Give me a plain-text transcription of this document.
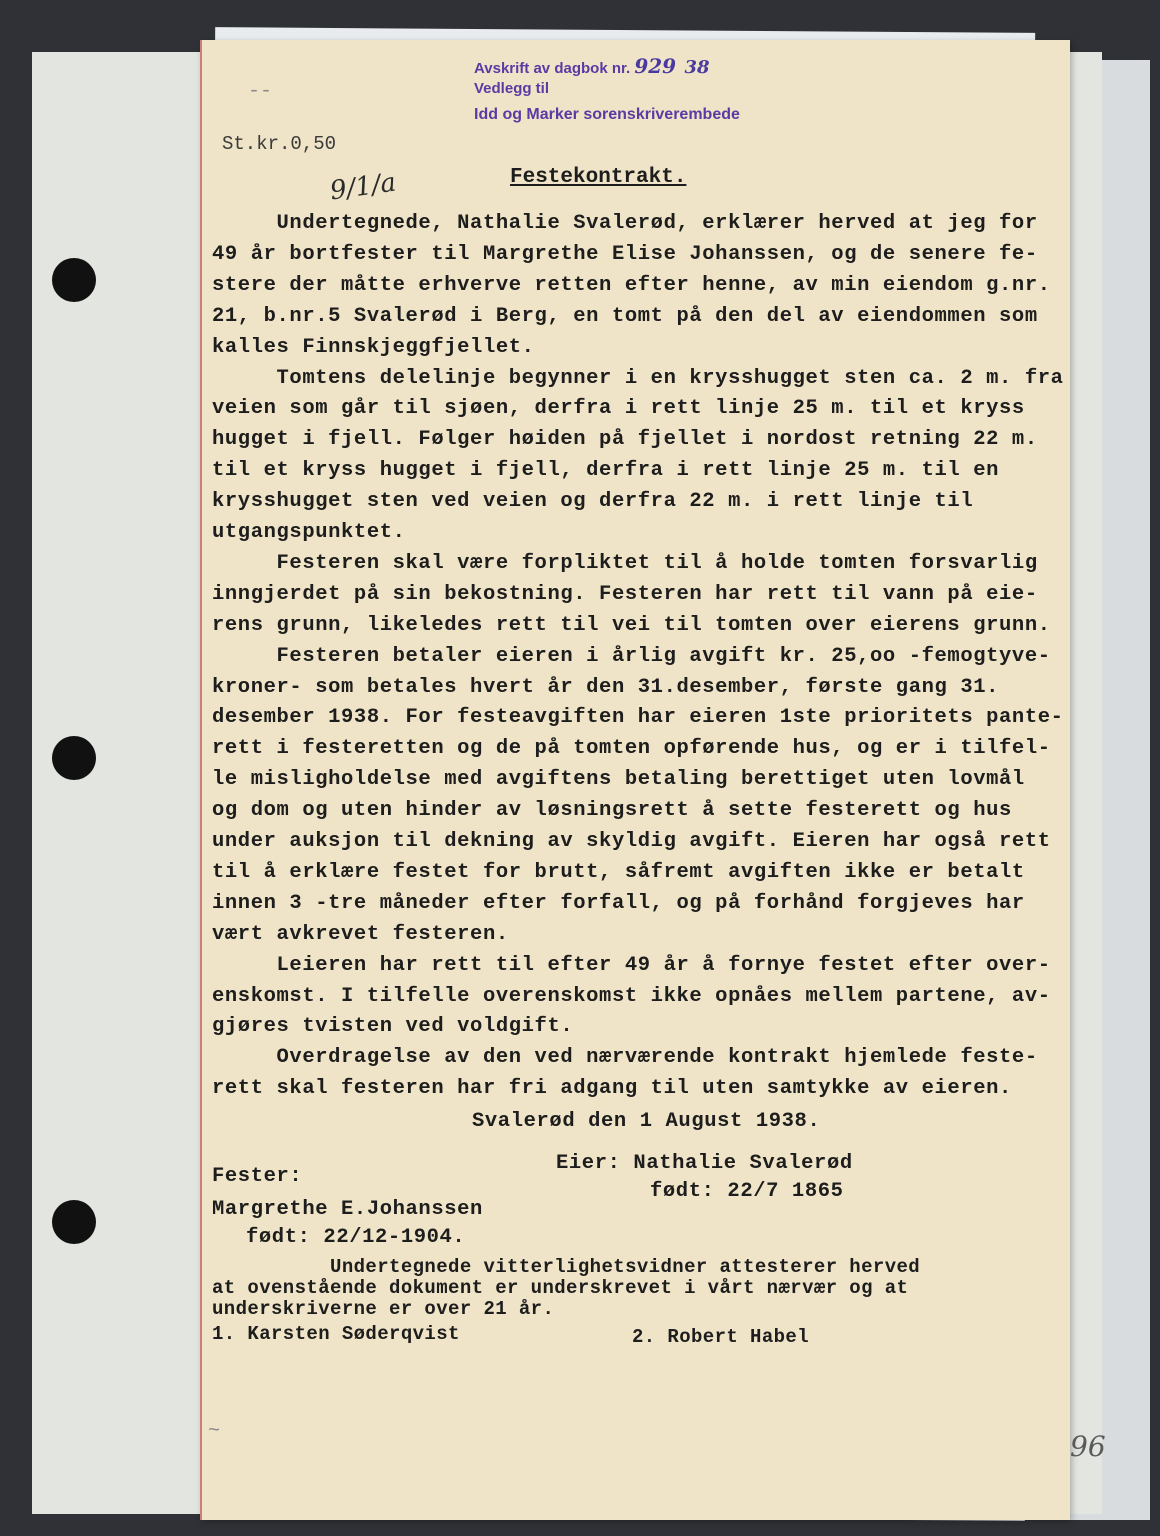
Avskrift av dagbok nr. 929 38
Vedlegg til
Idd og Marker sorenskriverembede
--
St.kr.0,50
9/1/a	Festekontrakt.
Undertegnede, Nathalie Svalerød, erklærer herved at jeg for
49 år bortfester til Margrethe Elise Johanssen, og de senere fe-
stere der måtte erhverve retten efter henne, av min eiendom g.nr.
21, b.nr.5 Svalerød i Berg, en tomt på den del av eiendommen som
kalles Finnskjeggfjellet.
Tomtens delelinje begynner i en krysshugget sten ca. 2 m. fra
veien som går til sjøen, derfra i rett linje 25 m. til et kryss
hugget i fjell. Følger høiden på fjellet i nordost retning 22 m.
til et kryss hugget i fjell, derfra i rett linje 25 m. til en
krysshugget sten ved veien og derfra 22 m. i rett linje til
utgangspunktet.
Festeren skal være forpliktet til å holde tomten forsvarlig
inngjerdet på sin bekostning. Festeren har rett til vann på eie-
rens grunn, likeledes rett til vei til tomten over eierens grunn.
Festeren betaler eieren i årlig avgift kr. 25,oo -femogtyve-
kroner- som betales hvert år den 31.desember, første gang 31.
desember 1938. For festeavgiften har eieren 1ste prioritets pante-
rett i festeretten og de på tomten opførende hus, og er i tilfel-
le misligholdelse med avgiftens betaling berettiget uten lovmål
og dom og uten hinder av løsningsrett å sette festerett og hus
under auksjon til dekning av skyldig avgift. Eieren har også rett
til å erklære festet for brutt, såfremt avgiften ikke er betalt
innen 3 -tre måneder efter forfall, og på forhånd forgjeves har
vært avkrevet festeren.
Leieren har rett til efter 49 år å fornye festet efter over-
enskomst. I tilfelle overenskomst ikke opnåes mellem partene, av-
gjøres tvisten ved voldgift.
Overdragelse av den ved nærværende kontrakt hjemlede feste-
rett skal festeren har fri adgang til uten samtykke av eieren.
Svalerød den 1 August 1938.
Eier: Nathalie Svalerød
født: 22/7 1865
Fester:
Margrethe E.Johanssen
født: 22/12-1904.
Undertegnede vitterlighetsvidner attesterer herved
at ovenstående dokument er underskrevet i vårt nærvær og at
underskriverne er over 21 år.
1. Karsten Søderqvist	2. Robert Habel
~	96
